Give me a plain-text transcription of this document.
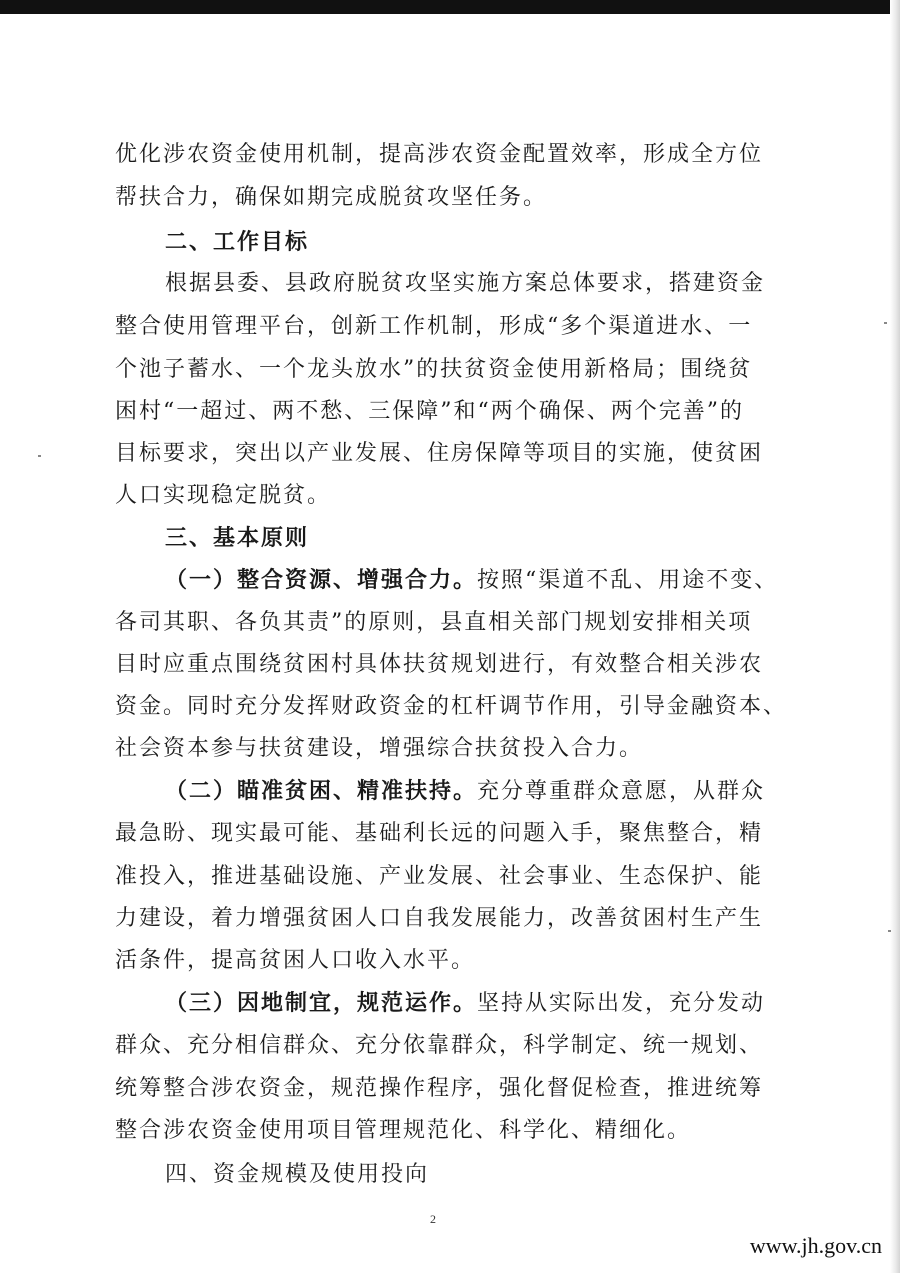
优化涉农资金使用机制，提高涉农资金配置效率，形成全方位
帮扶合力，确保如期完成脱贫攻坚任务。
二、工作目标
根据县委、县政府脱贫攻坚实施方案总体要求，搭建资金
整合使用管理平台，创新工作机制，形成“多个渠道进水、一
个池子蓄水、一个龙头放水”的扶贫资金使用新格局；围绕贫
困村“一超过、两不愁、三保障”和“两个确保、两个完善”的
目标要求，突出以产业发展、住房保障等项目的实施，使贫困
人口实现稳定脱贫。
三、基本原则
（一）整合资源、增强合力。按照“渠道不乱、用途不变、
各司其职、各负其责”的原则，县直相关部门规划安排相关项
目时应重点围绕贫困村具体扶贫规划进行，有效整合相关涉农
资金。同时充分发挥财政资金的杠杆调节作用，引导金融资本、
社会资本参与扶贫建设，增强综合扶贫投入合力。
（二）瞄准贫困、精准扶持。充分尊重群众意愿，从群众
最急盼、现实最可能、基础利长远的问题入手，聚焦整合，精
准投入，推进基础设施、产业发展、社会事业、生态保护、能
力建设，着力增强贫困人口自我发展能力，改善贫困村生产生
活条件，提高贫困人口收入水平。
（三）因地制宜，规范运作。坚持从实际出发，充分发动
群众、充分相信群众、充分依靠群众，科学制定、统一规划、
统筹整合涉农资金，规范操作程序，强化督促检查，推进统筹
整合涉农资金使用项目管理规范化、科学化、精细化。
四、资金规模及使用投向
2
www.jh.gov.cn
